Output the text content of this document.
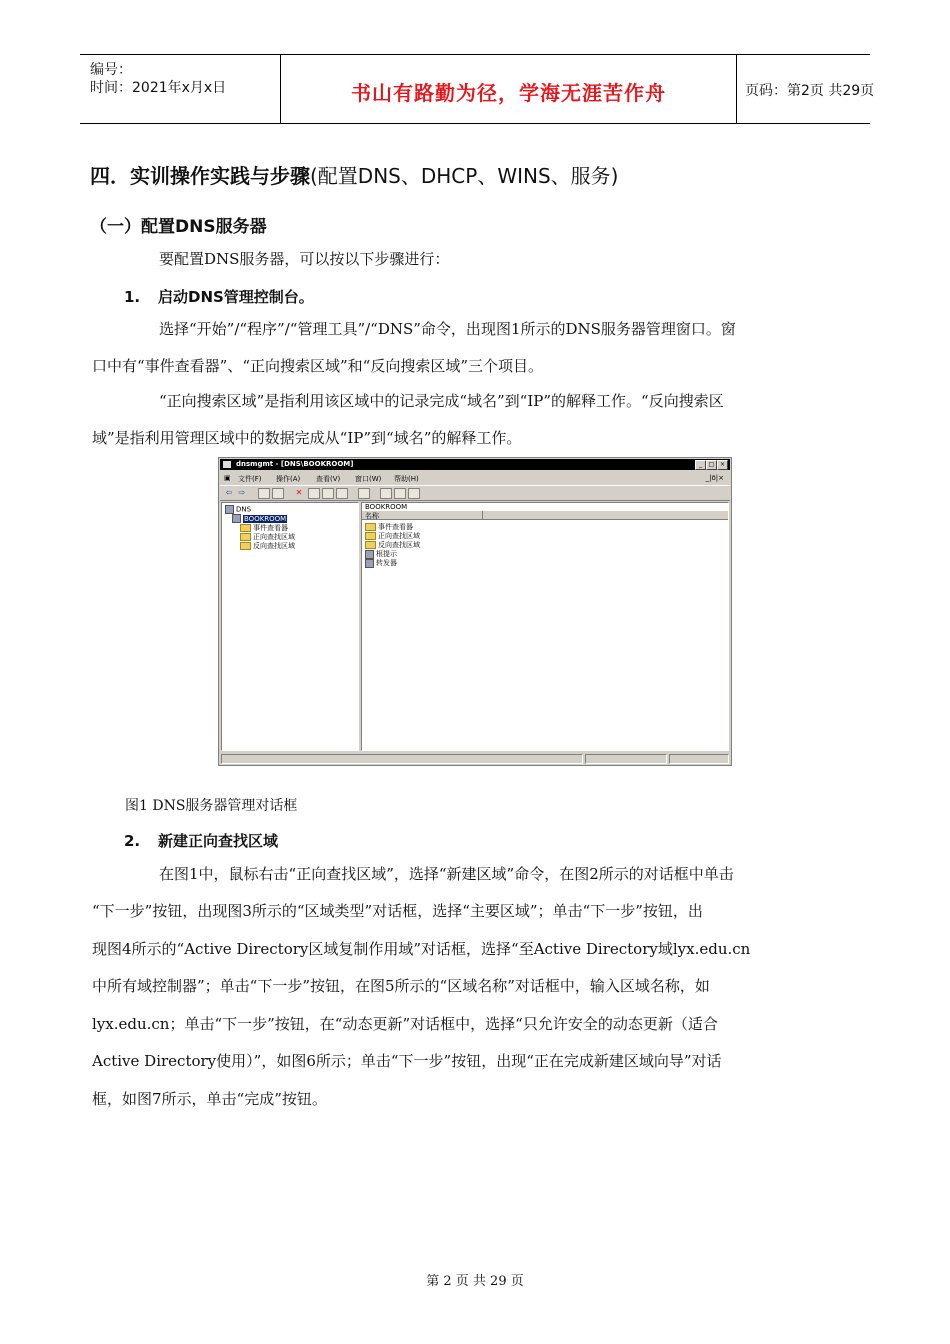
编号：
时间：2021年x月x日	书山有路勤为径，学海无涯苦作舟	页码：第2页 共29页
四．实训操作实践与步骤(配置DNS、DHCP、WINS、服务)
（一）配置DNS服务器
要配置DNS服务器，可以按以下步骤进行：
1. 启动DNS管理控制台。
选择“开始”/“程序”/“管理工具”/“DNS”命令，出现图1所示的DNS服务器管理窗口。窗
口中有“事件查看器”、“正向搜索区域”和“反向搜索区域”三个项目。
“正向搜索区域”是指利用该区域中的记录完成“域名”到“IP”的解释工作。“反向搜索区
域”是指利用管理区域中的数据完成从“IP”到“域名”的解释工作。
dnsmgmt - [DNS\BOOKROOM]	_	□ ×
▣ 文件(F) 操作(A) 查看(V) 窗口(W) 帮助(H)	_|ō|×
⇦ ⇨	✕
DNS
BOOKROOM
事件查看器
正向查找区域
反向查找区域
BOOKROOM
名称
事件查看器
正向查找区域
反向查找区域
根提示
转发器
图1 DNS服务器管理对话框
2. 新建正向查找区域
在图1中，鼠标右击“正向查找区域”，选择“新建区域”命令，在图2所示的对话框中单击
“下一步”按钮，出现图3所示的“区域类型”对话框，选择“主要区域”；单击“下一步”按钮，出
现图4所示的“Active Directory区域复制作用域”对话框，选择“至Active Directory域lyx.edu.cn
中所有域控制器”；单击“下一步”按钮，在图5所示的“区域名称”对话框中，输入区域名称，如
lyx.edu.cn；单击“下一步”按钮，在“动态更新”对话框中，选择“只允许安全的动态更新（适合
Active Directory使用）”，如图6所示；单击“下一步”按钮，出现“正在完成新建区域向导”对话
框，如图7所示，单击“完成”按钮。
第 2 页 共 29 页
